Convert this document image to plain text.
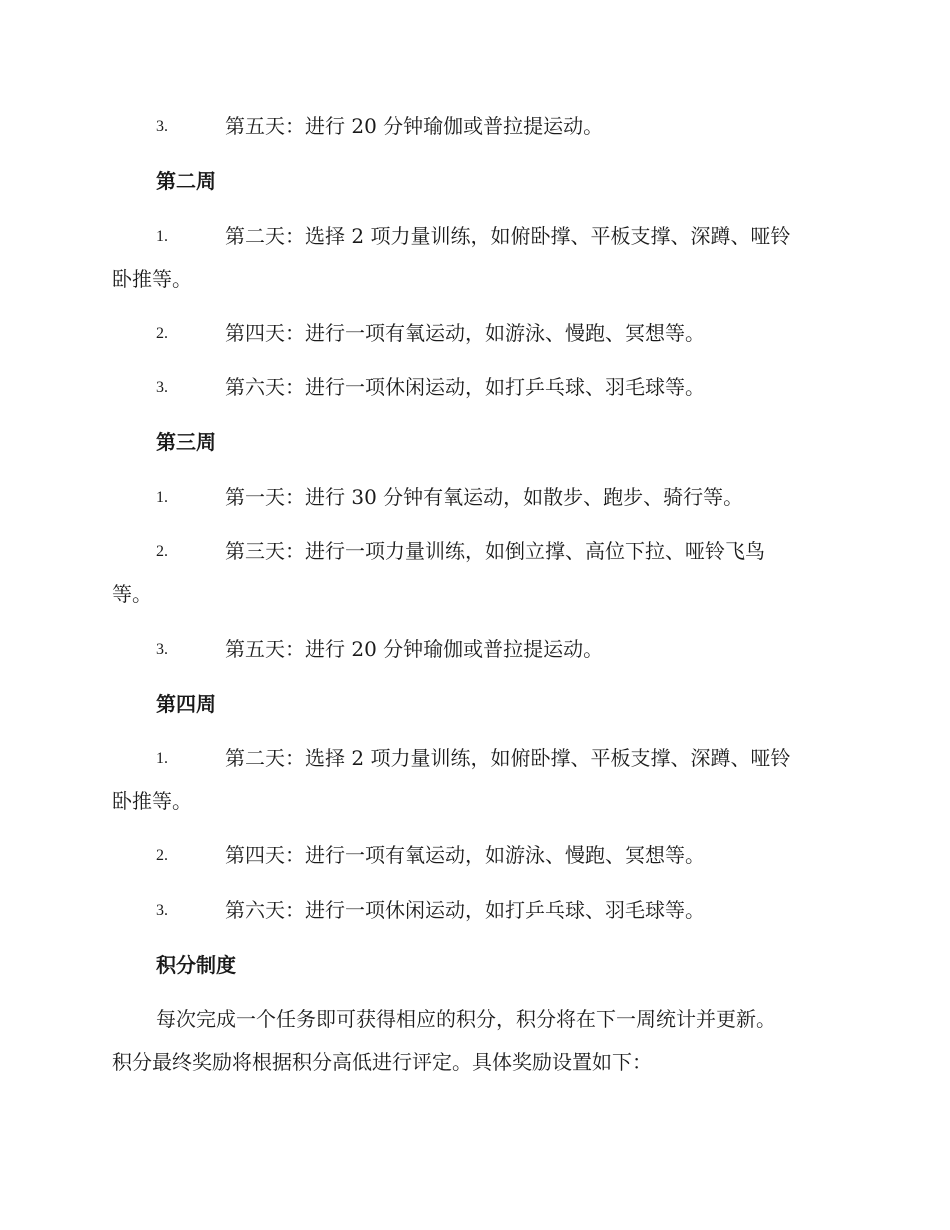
3.	第五天：进行 20 分钟瑜伽或普拉提运动。
第二周
1.	第二天：选择 2 项力量训练，如俯卧撑、平板支撑、深蹲、哑铃
卧推等。
2.	第四天：进行一项有氧运动，如游泳、慢跑、冥想等。
3.	第六天：进行一项休闲运动，如打乒乓球、羽毛球等。
第三周
1.	第一天：进行 30 分钟有氧运动，如散步、跑步、骑行等。
2.	第三天：进行一项力量训练，如倒立撑、高位下拉、哑铃飞鸟
等。
3.	第五天：进行 20 分钟瑜伽或普拉提运动。
第四周
1.	第二天：选择 2 项力量训练，如俯卧撑、平板支撑、深蹲、哑铃
卧推等。
2.	第四天：进行一项有氧运动，如游泳、慢跑、冥想等。
3.	第六天：进行一项休闲运动，如打乒乓球、羽毛球等。
积分制度
每次完成一个任务即可获得相应的积分，积分将在下一周统计并更新。
积分最终奖励将根据积分高低进行评定。具体奖励设置如下：
